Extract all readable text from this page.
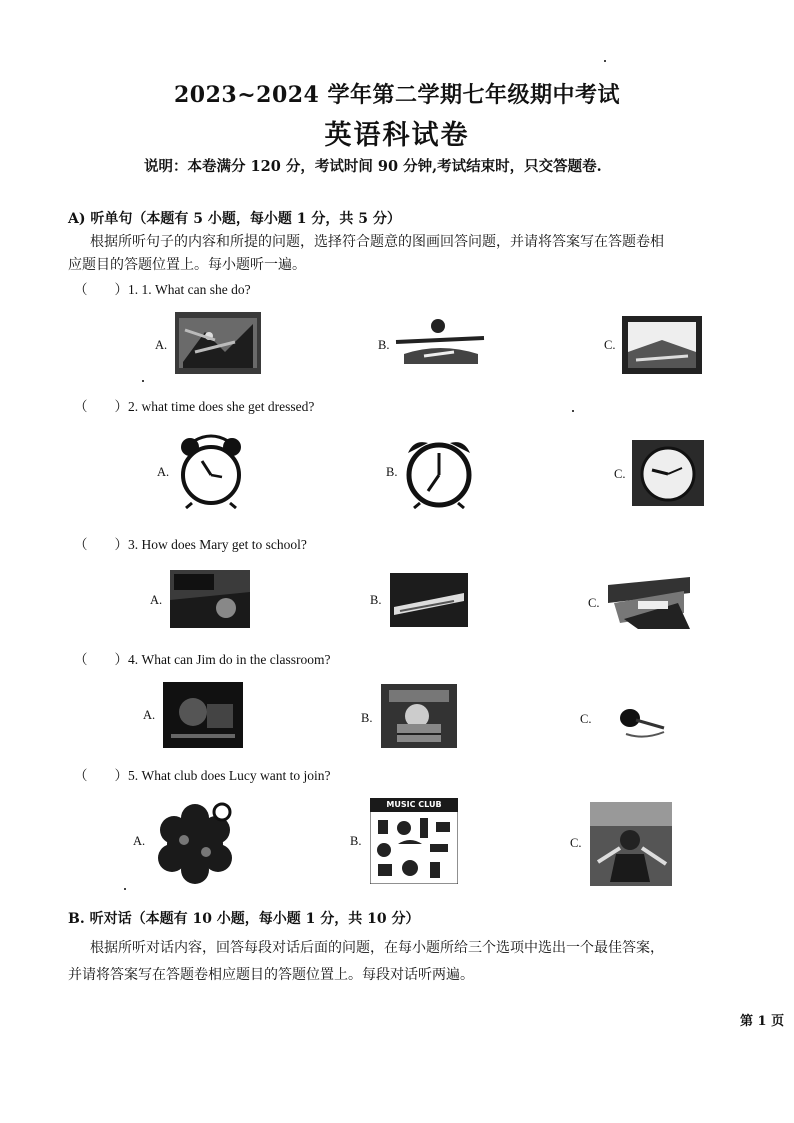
2023~2024 学年第二学期七年级期中考试
英语科试卷
说明：本卷满分 120 分，考试时间 90 分钟,考试结束时，只交答题卷.
A) 听单句（本题有 5 小题，每小题 1 分，共 5 分）
根据所听句子的内容和所提的问题，选择符合题意的图画回答问题，并请将答案写在答题卷相
应题目的答题位置上。每小题听一遍。
（　　）1. 1. What can she do?
A.	B.	C.
（　　）2. what time does she get dressed?
A.	B.	C.
（　　）3. How does Mary get to school?
A.	B.	C.
（　　）4. What can Jim do in the classroom?
A.	B.	C.
（　　）5. What club does Lucy want to join?
A.	B.
MUSIC CLUB
C.
B. 听对话（本题有 10 小题，每小题 1 分，共 10 分）
根据所听对话内容，回答每段对话后面的问题，在每小题所给三个选项中选出一个最佳答案，
并请将答案写在答题卷相应题目的答题位置上。每段对话听两遍。
第 1 页
